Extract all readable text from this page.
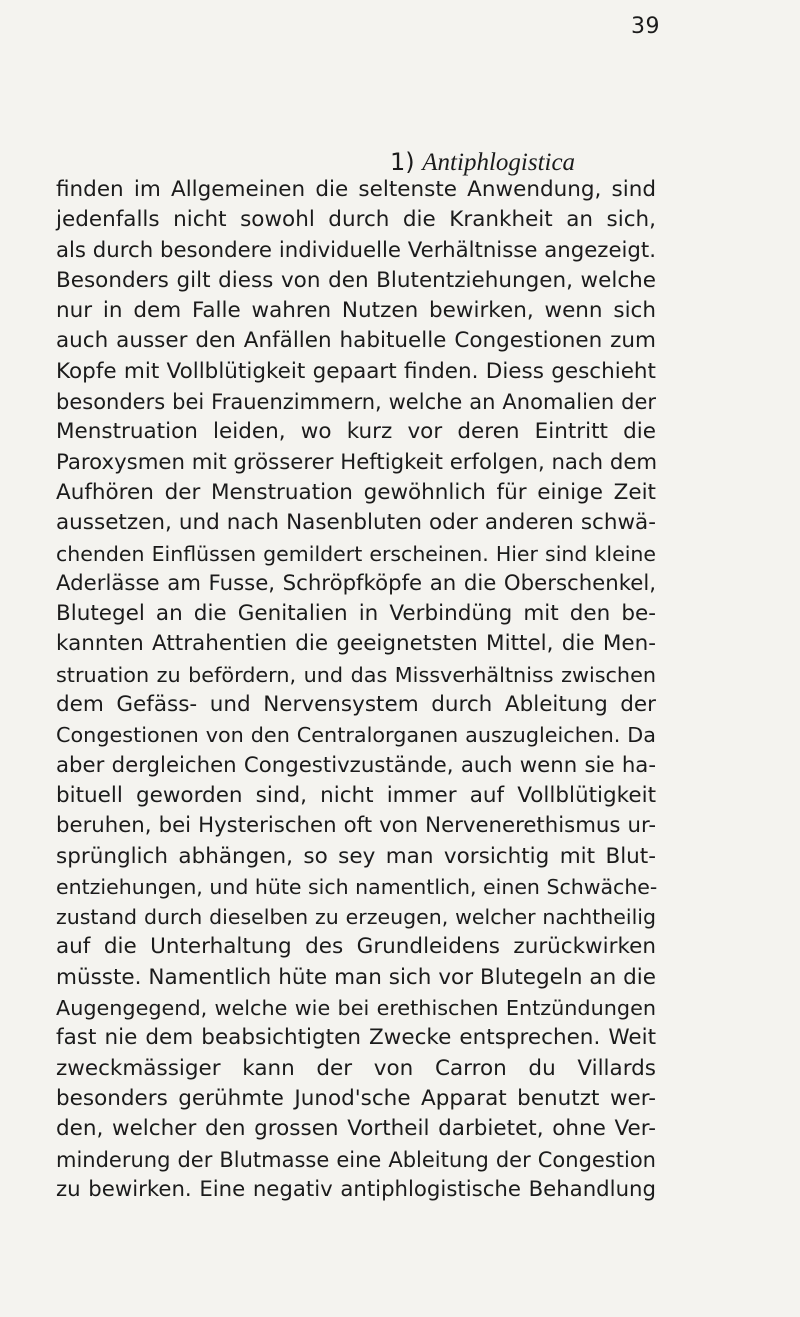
39
1) Antiphlogistica
finden im Allgemeinen die seltenste Anwendung, sind
jedenfalls nicht sowohl durch die Krankheit an sich,
als durch besondere individuelle Verhältnisse angezeigt.
Besonders gilt diess von den Blutentziehungen, welche
nur in dem Falle wahren Nutzen bewirken, wenn sich
auch ausser den Anfällen habituelle Congestionen zum
Kopfe mit Vollblütigkeit gepaart finden. Diess geschieht
besonders bei Frauenzimmern, welche an Anomalien der
Menstruation leiden, wo kurz vor deren Eintritt die
Paroxysmen mit grösserer Heftigkeit erfolgen, nach dem
Aufhören der Menstruation gewöhnlich für einige Zeit
aussetzen, und nach Nasenbluten oder anderen schwä-
chenden Einflüssen gemildert erscheinen. Hier sind kleine
Aderlässe am Fusse, Schröpfköpfe an die Oberschenkel,
Blutegel an die Genitalien in Verbindüng mit den be-
kannten Attrahentien die geeignetsten Mittel, die Men-
struation zu befördern, und das Missverhältniss zwischen
dem Gefäss- und Nervensystem durch Ableitung der
Congestionen von den Centralorganen auszugleichen. Da
aber dergleichen Congestivzustände, auch wenn sie ha-
bituell geworden sind, nicht immer auf Vollblütigkeit
beruhen, bei Hysterischen oft von Nervenerethismus ur-
sprünglich abhängen, so sey man vorsichtig mit Blut-
entziehungen, und hüte sich namentlich, einen Schwäche-
zustand durch dieselben zu erzeugen, welcher nachtheilig
auf die Unterhaltung des Grundleidens zurückwirken
müsste. Namentlich hüte man sich vor Blutegeln an die
Augengegend, welche wie bei erethischen Entzündungen
fast nie dem beabsichtigten Zwecke entsprechen. Weit
zweckmässiger kann der von Carron du Villards
besonders gerühmte Junod'sche Apparat benutzt wer-
den, welcher den grossen Vortheil darbietet, ohne Ver-
minderung der Blutmasse eine Ableitung der Congestion
zu bewirken. Eine negativ antiphlogistische Behandlung
